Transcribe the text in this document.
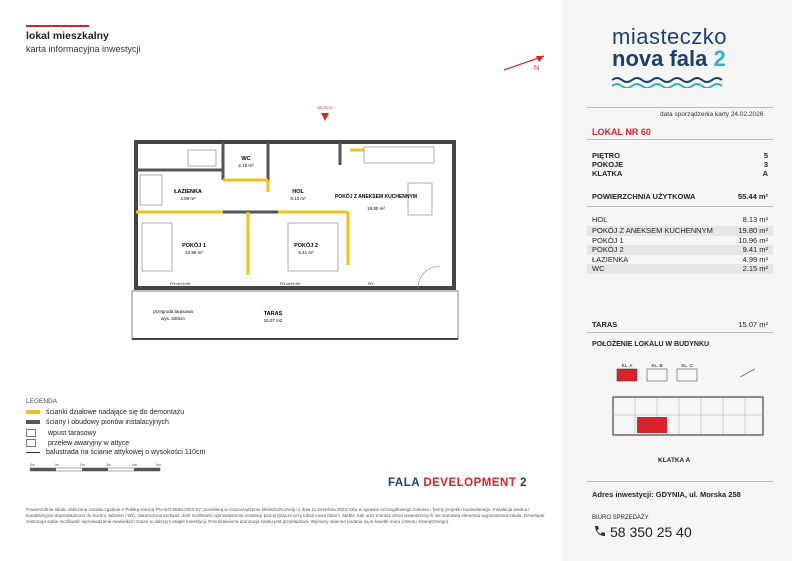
lokal mieszkalny
karta informacyjna inwestycji
N
WEJŚCIE
WC
2.15 m²
ŁAZIENKA
4.99 m²
HOL
8.13 m²	POKÓJ Z ANEKSEM KUCHENNYM
19.80 m²
POKÓJ 1
10.96 m²
POKÓJ 2
9.41 m²
TARAS
15.07 m2
przegroda tarasowa
wys. 220cm
FIX do H=90	FIX do H=90	FIX
LEGENDA
ścianki działowe nadające się do demontażu
ściany i obudowy pionów instalacyjnych
wpust tarasowy
przelew awaryjny w attyce
balustrada na ścianie attykowej o wysokości 110cm
0m	1m	2m	3m	4m	5m
FALA DEVELOPMENT 2
Powierzchnia lokalu obliczona została zgodnie z Polską Normą PN-ISO 9836:2022-07, powołaną w rozporządzeniu Ministra Rozwoju z dnia 11 września 2020 roku w sprawie szczegółowego zakresu i formy projektu budowlanego. Instalacja wodna i kanalizacyjna doprowadzona do kuchni, łazienki i WC, zakończona korkami. Jest możliwość wprowadzenia instalacji pod przyłącze przy lokali nowa falarni. Meble, łuki oraz montaż drzwi wewnętrznych nie stanowią elementu wyposażenia lokalu. Developer zastrzega sobie możliwość wprowadzania niewielkich zmian w dalszym etapie inwestycji. Przedstawiona aranżacja lokalu jest przykładowa. Wymiary okienne podane są w świetle muru (otworu zewnętrznego).
miasteczko
nova fala 2
data sporządzenia karty 24.02.2026
LOKAL NR 60
PIĘTRO	5
POKOJE	3
KLATKA	A
POWIERZCHNIA UŻYTKOWA	55.44 m²
HOL	8.13 m²
POKÓJ Z ANEKSEM KUCHENNYM	19.80 m²
POKÓJ 1	10.96 m²
POKÓJ 2	9.41 m²
ŁAZIENKA	4.99 m²
WC	2.15 m²
TARAS	15.07 m²
POŁOŻENIE LOKALU W BUDYNKU
KL. A	KL. B	KL. C
KLATKA A
Adres inwestycji: GDYNIA, ul. Morska 258
BIURO SPRZEDAŻY
58 350 25 40
